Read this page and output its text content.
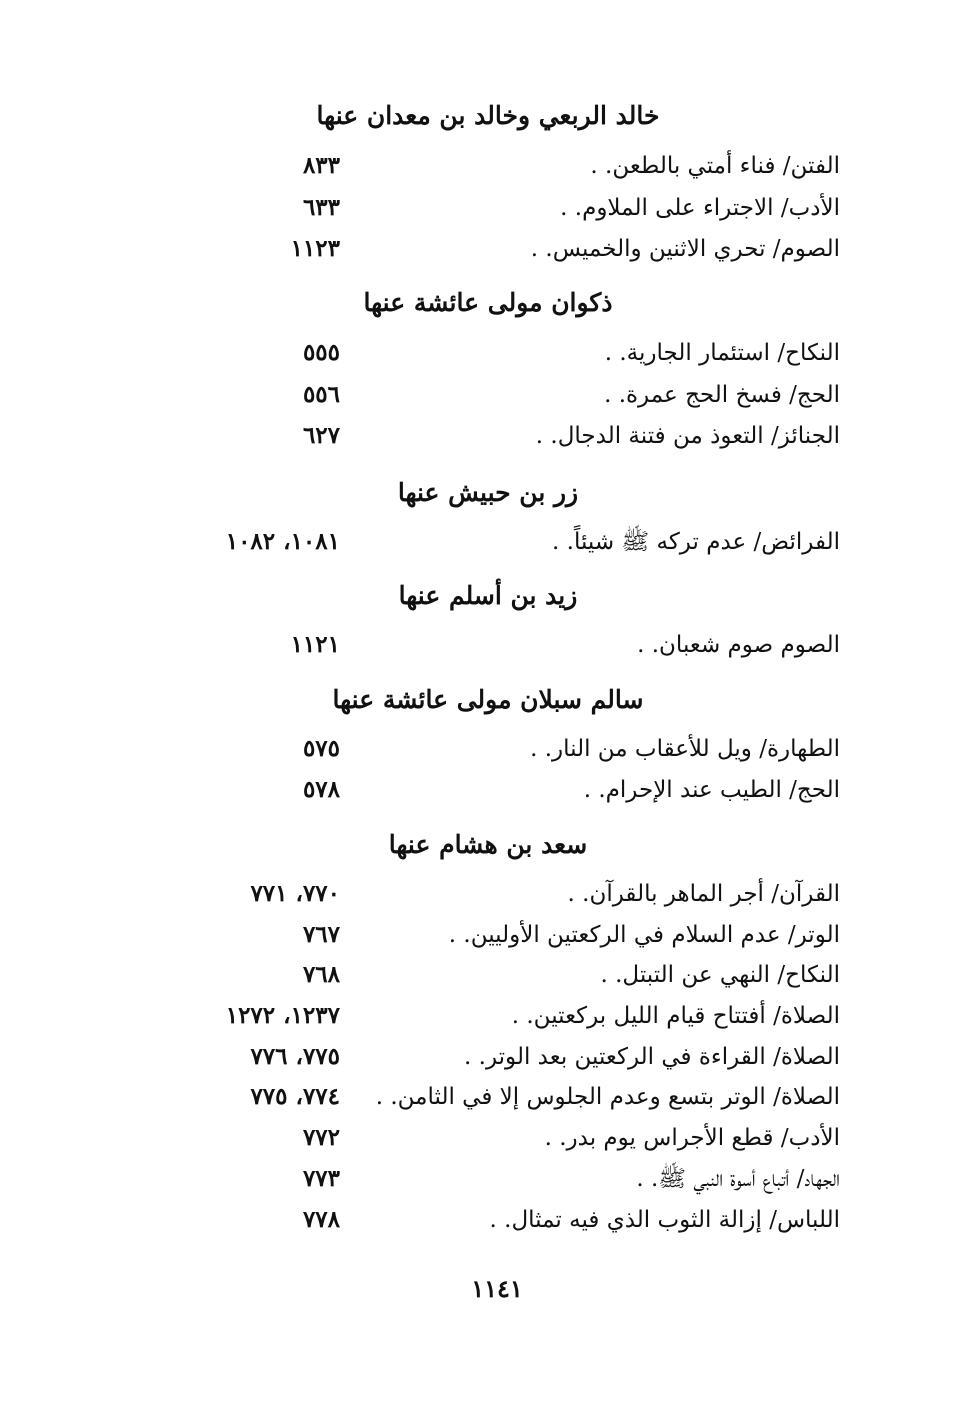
خالد الربعي وخالد بن معدان عنها
الفتن/ فناء أمتي بالطعن. .
٨٣٣
الأدب/ الاجتراء على الملاوم. .
٦٣٣
الصوم/ تحري الاثنين والخميس. .
١١٢٣
ذكوان مولى عائشة عنها
النكاح/ استئمار الجارية. .
٥٥٥
الحج/ فسخ الحج عمرة. .
٥٥٦
الجنائز/ التعوذ من فتنة الدجال. .
٦٢٧
زر بن حبيش عنها
الفرائض/ عدم تركه ﷺ شيئاً. .
١٠٨١، ١٠٨٢
زيد بن أسلم عنها
الصوم صوم شعبان. .
١١٢١
سالم سبلان مولى عائشة عنها
الطهارة/ ويل للأعقاب من النار. .
٥٧٥
الحج/ الطيب عند الإحرام. .
٥٧٨
سعد بن هشام عنها
القرآن/ أجر الماهر بالقرآن. .
٧٧٠، ٧٧١
الوتر/ عدم السلام في الركعتين الأوليين. .
٧٦٧
النكاح/ النهي عن التبتل. .
٧٦٨
الصلاة/ أفتتاح قيام الليل بركعتين. .
١٢٣٧، ١٢٧٢
الصلاة/ القراءة في الركعتين بعد الوتر. .
٧٧٥، ٧٧٦
الصلاة/ الوتر بتسع وعدم الجلوس إلا في الثامن. .
٧٧٤، ٧٧٥
الأدب/ قطع الأجراس يوم بدر. .
٧٧٢
الجهاد/ أتباع أسوة النبي ﷺ. .
٧٧٣
اللباس/ إزالة الثوب الذي فيه تمثال. .
٧٧٨
١١٤١
